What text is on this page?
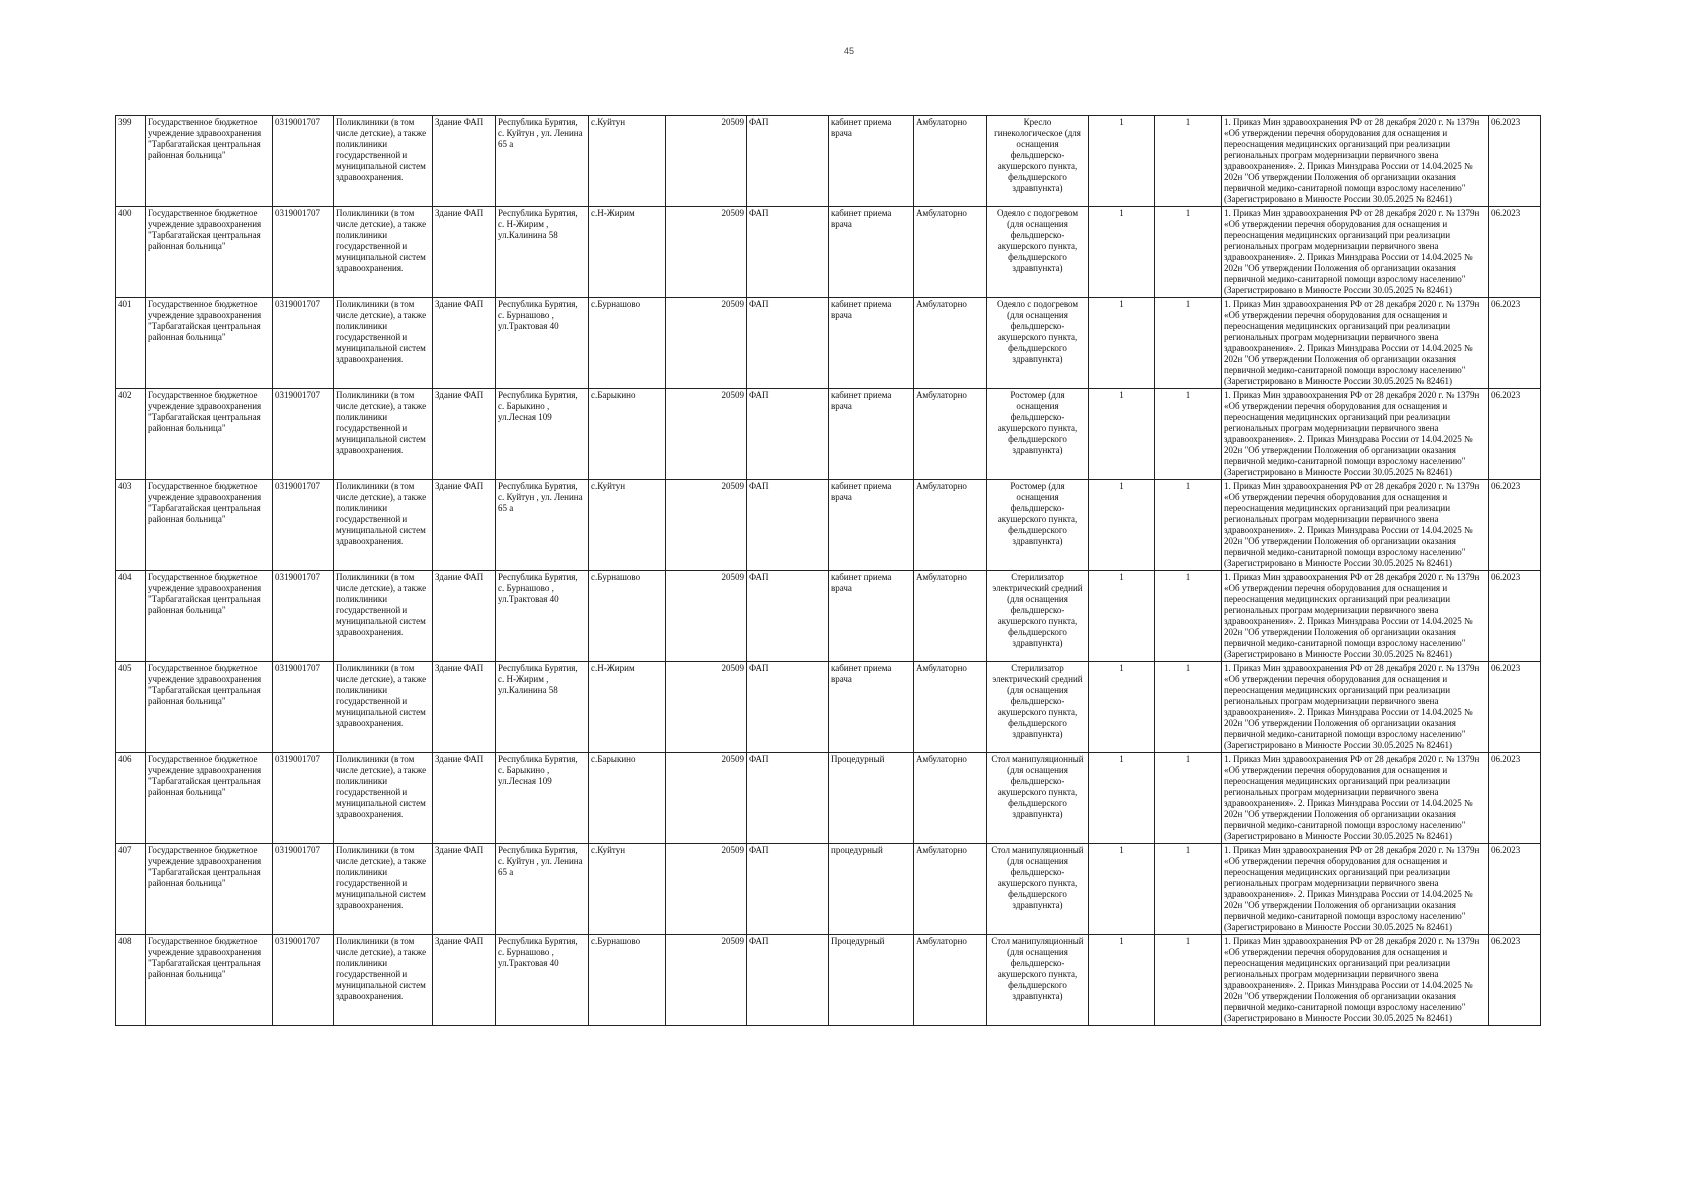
45
399	Государственное бюджетное учреждение здравоохранения "Тарбагатайская центральная районная больница"	0319001707	Поликлиники (в том числе детские), а также поликлиники государственной и муниципальной систем здравоохранения.	Здание ФАП	Республика Бурятия, с. Куйтун , ул. Ленина 65 а	с.Куйтун	20509	ФАП	кабинет приема врача	Амбулаторно	Кресло гинекологическое (для оснащения фельдшерско-акушерского пункта, фельдшерского здравпункта)	1	1	1. Приказ Мин здравоохранения РФ от 28 декабря 2020 г. № 1379н «Об утверждении перечня оборудования для оснащения и переоснащения медицинских организаций при реализации региональных програм модернизации первичного звена здравоохранения». 2. Приказ Минздрава России от 14.04.2025 № 202н "Об утверждении Положения об организации оказания первичной медико-санитарной помощи взрослому населению" (Зарегистрировано в Минюсте России 30.05.2025 № 82461)	06.2023
400	Государственное бюджетное учреждение здравоохранения "Тарбагатайская центральная районная больница"	0319001707	Поликлиники (в том числе детские), а также поликлиники государственной и муниципальной систем здравоохранения.	Здание ФАП	Республика Бурятия, с. Н-Жирим , ул.Калинина 58	с.Н-Жирим	20509	ФАП	кабинет приема врача	Амбулаторно	Одеяло с подогревом (для оснащения фельдшерско-акушерского пункта, фельдшерского здравпункта)	1	1	1. Приказ Мин здравоохранения РФ от 28 декабря 2020 г. № 1379н «Об утверждении перечня оборудования для оснащения и переоснащения медицинских организаций при реализации региональных програм модернизации первичного звена здравоохранения». 2. Приказ Минздрава России от 14.04.2025 № 202н "Об утверждении Положения об организации оказания первичной медико-санитарной помощи взрослому населению" (Зарегистрировано в Минюсте России 30.05.2025 № 82461)	06.2023
401	Государственное бюджетное учреждение здравоохранения "Тарбагатайская центральная районная больница"	0319001707	Поликлиники (в том числе детские), а также поликлиники государственной и муниципальной систем здравоохранения.	Здание ФАП	Республика Бурятия, с. Бурнашово , ул.Трактовая 40	с.Бурнашово	20509	ФАП	кабинет приема врача	Амбулаторно	Одеяло с подогревом (для оснащения фельдшерско-акушерского пункта, фельдшерского здравпункта)	1	1	1. Приказ Мин здравоохранения РФ от 28 декабря 2020 г. № 1379н «Об утверждении перечня оборудования для оснащения и переоснащения медицинских организаций при реализации региональных програм модернизации первичного звена здравоохранения». 2. Приказ Минздрава России от 14.04.2025 № 202н "Об утверждении Положения об организации оказания первичной медико-санитарной помощи взрослому населению" (Зарегистрировано в Минюсте России 30.05.2025 № 82461)	06.2023
402	Государственное бюджетное учреждение здравоохранения "Тарбагатайская центральная районная больница"	0319001707	Поликлиники (в том числе детские), а также поликлиники государственной и муниципальной систем здравоохранения.	Здание ФАП	Республика Бурятия, с. Барыкино , ул.Лесная 109	с.Барыкино	20509	ФАП	кабинет приема врача	Амбулаторно	Ростомер (для оснащения фельдшерско-акушерского пункта, фельдшерского здравпункта)	1	1	1. Приказ Мин здравоохранения РФ от 28 декабря 2020 г. № 1379н «Об утверждении перечня оборудования для оснащения и переоснащения медицинских организаций при реализации региональных програм модернизации первичного звена здравоохранения». 2. Приказ Минздрава России от 14.04.2025 № 202н "Об утверждении Положения об организации оказания первичной медико-санитарной помощи взрослому населению" (Зарегистрировано в Минюсте России 30.05.2025 № 82461)	06.2023
403	Государственное бюджетное учреждение здравоохранения "Тарбагатайская центральная районная больница"	0319001707	Поликлиники (в том числе детские), а также поликлиники государственной и муниципальной систем здравоохранения.	Здание ФАП	Республика Бурятия, с. Куйтун , ул. Ленина 65 а	с.Куйтун	20509	ФАП	кабинет приема врача	Амбулаторно	Ростомер (для оснащения фельдшерско-акушерского пункта, фельдшерского здравпункта)	1	1	1. Приказ Мин здравоохранения РФ от 28 декабря 2020 г. № 1379н «Об утверждении перечня оборудования для оснащения и переоснащения медицинских организаций при реализации региональных програм модернизации первичного звена здравоохранения». 2. Приказ Минздрава России от 14.04.2025 № 202н "Об утверждении Положения об организации оказания первичной медико-санитарной помощи взрослому населению" (Зарегистрировано в Минюсте России 30.05.2025 № 82461)	06.2023
404	Государственное бюджетное учреждение здравоохранения "Тарбагатайская центральная районная больница"	0319001707	Поликлиники (в том числе детские), а также поликлиники государственной и муниципальной систем здравоохранения.	Здание ФАП	Республика Бурятия, с. Бурнашово , ул.Трактовая 40	с.Бурнашово	20509	ФАП	кабинет приема врача	Амбулаторно	Стерилизатор электрический средний (для оснащения фельдшерско-акушерского пункта, фельдшерского здравпункта)	1	1	1. Приказ Мин здравоохранения РФ от 28 декабря 2020 г. № 1379н «Об утверждении перечня оборудования для оснащения и переоснащения медицинских организаций при реализации региональных програм модернизации первичного звена здравоохранения». 2. Приказ Минздрава России от 14.04.2025 № 202н "Об утверждении Положения об организации оказания первичной медико-санитарной помощи взрослому населению" (Зарегистрировано в Минюсте России 30.05.2025 № 82461)	06.2023
405	Государственное бюджетное учреждение здравоохранения "Тарбагатайская центральная районная больница"	0319001707	Поликлиники (в том числе детские), а также поликлиники государственной и муниципальной систем здравоохранения.	Здание ФАП	Республика Бурятия, с. Н-Жирим , ул.Калинина 58	с.Н-Жирим	20509	ФАП	кабинет приема врача	Амбулаторно	Стерилизатор электрический средний (для оснащения фельдшерско-акушерского пункта, фельдшерского здравпункта)	1	1	1. Приказ Мин здравоохранения РФ от 28 декабря 2020 г. № 1379н «Об утверждении перечня оборудования для оснащения и переоснащения медицинских организаций при реализации региональных програм модернизации первичного звена здравоохранения». 2. Приказ Минздрава России от 14.04.2025 № 202н "Об утверждении Положения об организации оказания первичной медико-санитарной помощи взрослому населению" (Зарегистрировано в Минюсте России 30.05.2025 № 82461)	06.2023
406	Государственное бюджетное учреждение здравоохранения "Тарбагатайская центральная районная больница"	0319001707	Поликлиники (в том числе детские), а также поликлиники государственной и муниципальной систем здравоохранения.	Здание ФАП	Республика Бурятия, с. Барыкино , ул.Лесная 109	с.Барыкино	20509	ФАП	Процедурный	Амбулаторно	Стол манипуляционный (для оснащения фельдшерско-акушерского пункта, фельдшерского здравпункта)	1	1	1. Приказ Мин здравоохранения РФ от 28 декабря 2020 г. № 1379н «Об утверждении перечня оборудования для оснащения и переоснащения медицинских организаций при реализации региональных програм модернизации первичного звена здравоохранения». 2. Приказ Минздрава России от 14.04.2025 № 202н "Об утверждении Положения об организации оказания первичной медико-санитарной помощи взрослому населению" (Зарегистрировано в Минюсте России 30.05.2025 № 82461)	06.2023
407	Государственное бюджетное учреждение здравоохранения "Тарбагатайская центральная районная больница"	0319001707	Поликлиники (в том числе детские), а также поликлиники государственной и муниципальной систем здравоохранения.	Здание ФАП	Республика Бурятия, с. Куйтун , ул. Ленина 65 а	с.Куйтун	20509	ФАП	процедурный	Амбулаторно	Стол манипуляционный (для оснащения фельдшерско-акушерского пункта, фельдшерского здравпункта)	1	1	1. Приказ Мин здравоохранения РФ от 28 декабря 2020 г. № 1379н «Об утверждении перечня оборудования для оснащения и переоснащения медицинских организаций при реализации региональных програм модернизации первичного звена здравоохранения». 2. Приказ Минздрава России от 14.04.2025 № 202н "Об утверждении Положения об организации оказания первичной медико-санитарной помощи взрослому населению" (Зарегистрировано в Минюсте России 30.05.2025 № 82461)	06.2023
408	Государственное бюджетное учреждение здравоохранения "Тарбагатайская центральная районная больница"	0319001707	Поликлиники (в том числе детские), а также поликлиники государственной и муниципальной систем здравоохранения.	Здание ФАП	Республика Бурятия, с. Бурнашово , ул.Трактовая 40	с.Бурнашово	20509	ФАП	Процедурный	Амбулаторно	Стол манипуляционный (для оснащения фельдшерско-акушерского пункта, фельдшерского здравпункта)	1	1	1. Приказ Мин здравоохранения РФ от 28 декабря 2020 г. № 1379н «Об утверждении перечня оборудования для оснащения и переоснащения медицинских организаций при реализации региональных програм модернизации первичного звена здравоохранения». 2. Приказ Минздрава России от 14.04.2025 № 202н "Об утверждении Положения об организации оказания первичной медико-санитарной помощи взрослому населению" (Зарегистрировано в Минюсте России 30.05.2025 № 82461)	06.2023
